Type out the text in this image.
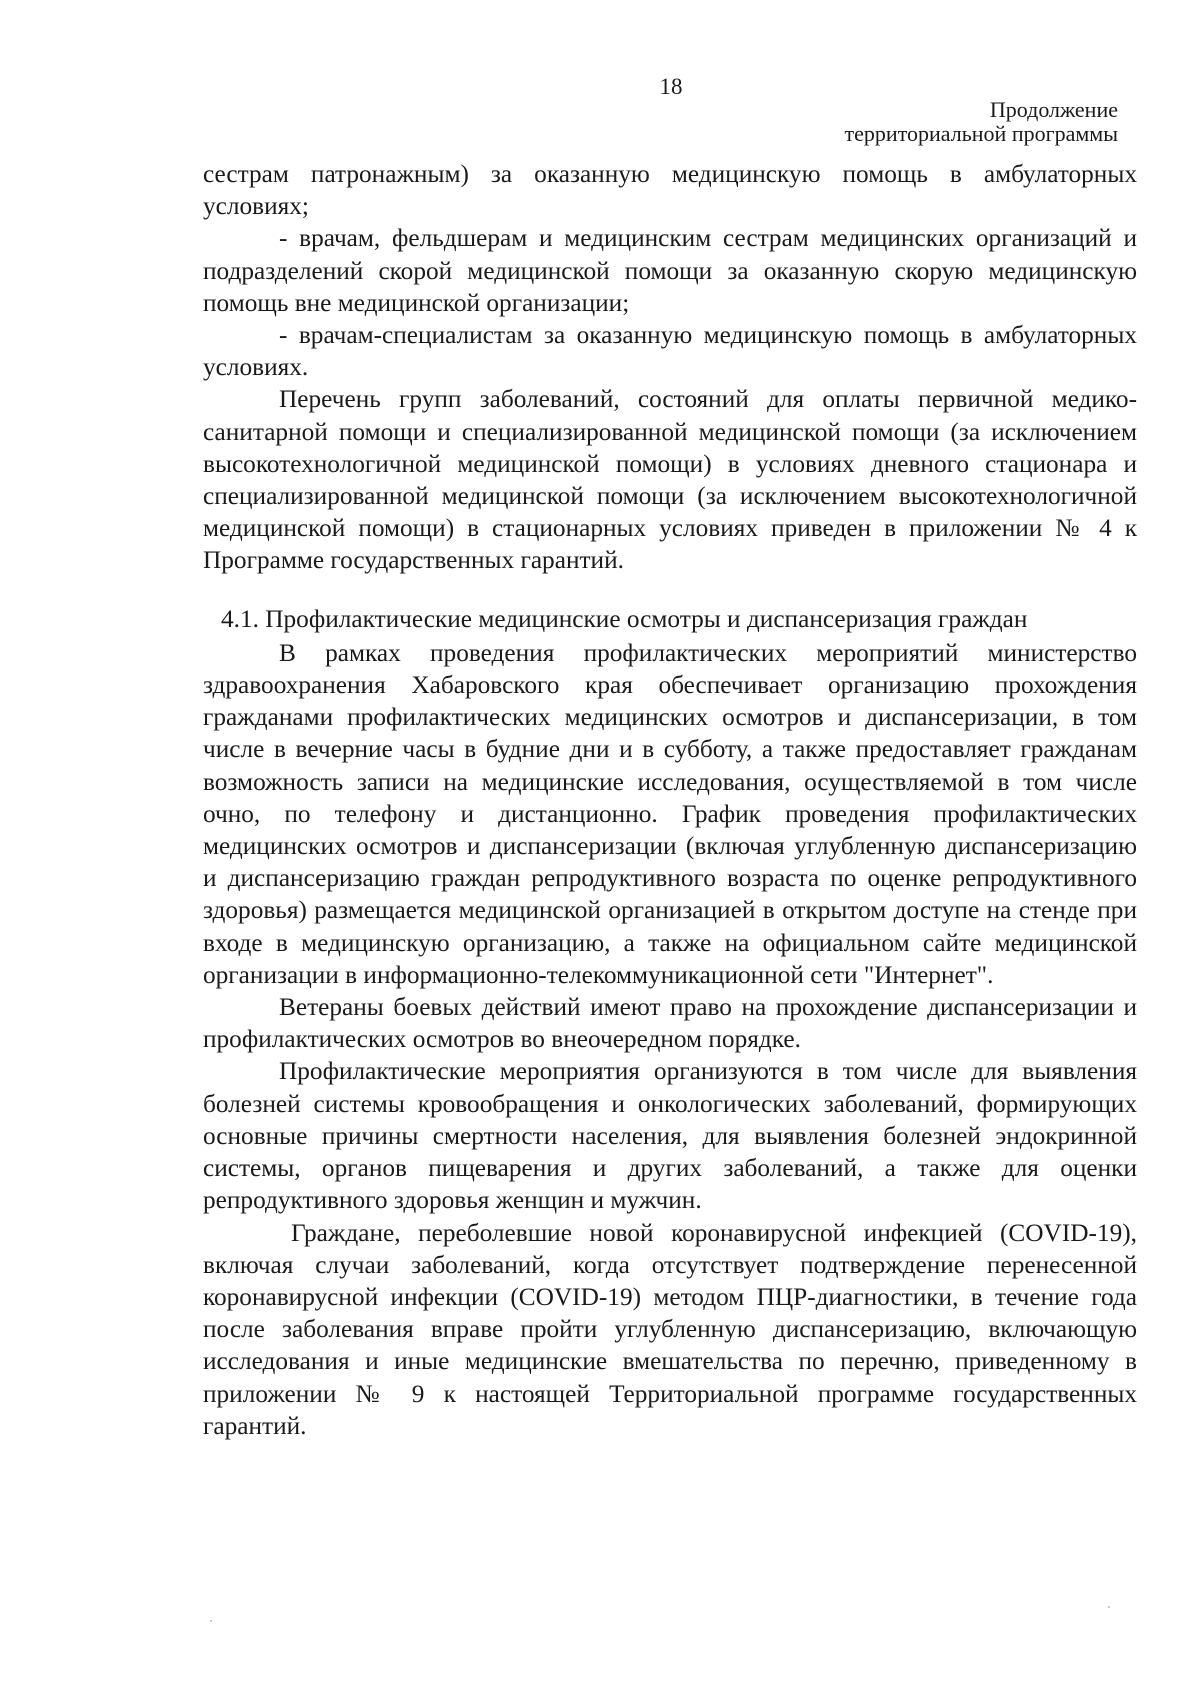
18
Продолжение
территориальной программы

сестрам патронажным) за оказанную медицинскую помощь в амбулаторных условиях;

- врачам, фельдшерам и медицинским сестрам медицинских организаций и подразделений скорой медицинской помощи за оказанную скорую медицинскую помощь вне медицинской организации;

- врачам-специалистам за оказанную медицинскую помощь в амбулаторных условиях.

Перечень групп заболеваний, состояний для оплаты первичной медико-санитарной помощи и специализированной медицинской помощи (за исключением высокотехнологичной медицинской помощи) в условиях дневного стационара и специализированной медицинской помощи (за исключением высокотехнологичной медицинской помощи) в стационарных условиях приведен в приложении № 4 к Программе государственных гарантий.

4.1. Профилактические медицинские осмотры и диспансеризация граждан

В рамках проведения профилактических мероприятий министерство здравоохранения Хабаровского края обеспечивает организацию прохождения гражданами профилактических медицинских осмотров и диспансеризации, в том числе в вечерние часы в будние дни и в субботу, а также предоставляет гражданам возможность записи на медицинские исследования, осуществляемой в том числе очно, по телефону и дистанционно. График проведения профилактических медицинских осмотров и диспансеризации (включая углубленную диспансеризацию и диспансеризацию граждан репродуктивного возраста по оценке репродуктивного здоровья) размещается медицинской организацией в открытом доступе на стенде при входе в медицинскую организацию, а также на официальном сайте медицинской организации в информационно-телекоммуникационной сети "Интернет".

Ветераны боевых действий имеют право на прохождение диспансеризации и профилактических осмотров во внеочередном порядке.

Профилактические мероприятия организуются в том числе для выявления болезней системы кровообращения и онкологических заболеваний, формирующих основные причины смертности населения, для выявления болезней эндокринной системы, органов пищеварения и других заболеваний, а также для оценки репродуктивного здоровья женщин и мужчин.

Граждане, переболевшие новой коронавирусной инфекцией (COVID-19), включая случаи заболеваний, когда отсутствует подтверждение перенесенной коронавирусной инфекции (COVID-19) методом ПЦР-диагностики, в течение года после заболевания вправе пройти углубленную диспансеризацию, включающую исследования и иные медицинские вмешательства по перечню, приведенному в приложении № 9 к настоящей Территориальной программе государственных гарантий.
